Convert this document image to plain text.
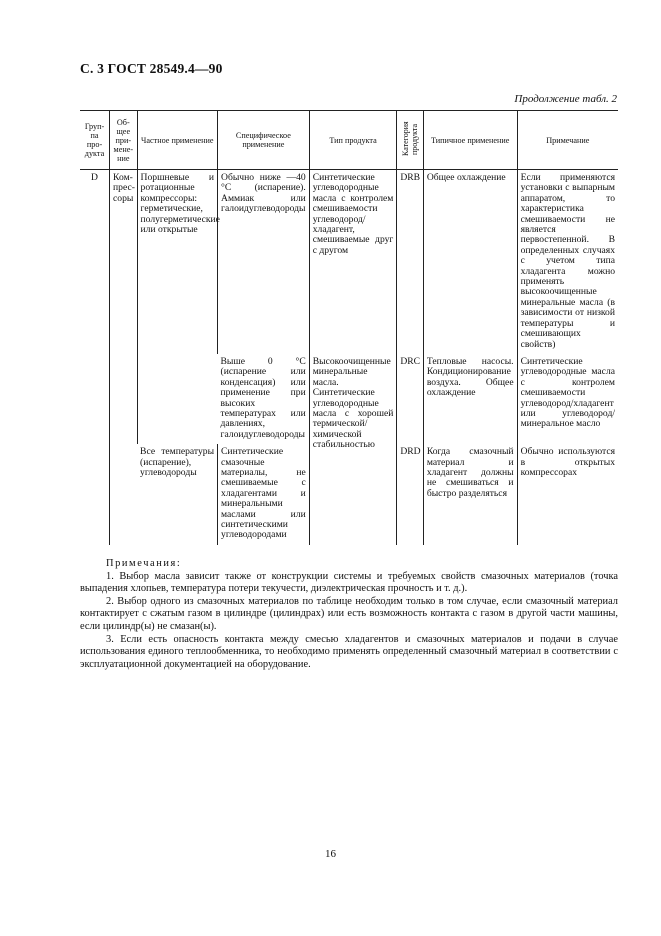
С. 3 ГОСТ 28549.4—90
Продолжение табл. 2
Груп-па про-дукта	Об-щее при-мене-ние	Частное применение	Специфическое применение	Тип продукта	Категория продукта	Типичное применение	Примечание
D	Ком-прес-соры	Поршневые и ротационные компрессоры: герметические, полугерметические или открытые	Обычно ниже —40 °С (испарение). Аммиак или галоидуглеводороды	Синтетические углеводородные масла с контролем смешиваемости углеводород/хладагент, смешиваемые друг с другом	DRB	Общее охлаждение	Если применяются установки с выпарным аппаратом, то характеристика смешиваемости не является первостепенной. В определенных случаях с учетом типа хладагента можно применять высокоочищенные минеральные масла (в зависимости от низкой температуры и смешивающих свойств)
			Выше 0 °С (испарение или конденсация) или применение при высоких температурах или давлениях, галоидуглеводороды	Высокоочищенные минеральные масла. Синтетические углеводородные масла с хорошей термической/химической стабильностью	DRC	Тепловые насосы. Кондиционирование воздуха. Общее охлаждение	Синтетические углеводородные масла с контролем смешиваемости углеводород/хладагент или углеводород/минеральное масло
		Все температуры (испарение), углеводороды	Синтетические смазочные материалы, не смешиваемые с хладагентами и минеральными маслами или синтетическими углеводородами		DRD	Когда смазочный материал и хладагент должны не смешиваться и быстро разделяться	Обычно используются в открытых компрессорах
Примечания:

1. Выбор масла зависит также от конструкции системы и требуемых свойств смазочных материалов (точка выпадения хлопьев, температура потери текучести, диэлектрическая прочность и т. д.).

2. Выбор одного из смазочных материалов по таблице необходим только в том случае, если смазочный материал контактирует с сжатым газом в цилиндре (цилиндрах) или есть возможность контакта с газом в другой части машины, если цилиндр(ы) не смазан(ы).

3. Если есть опасность контакта между смесью хладагентов и смазочных материалов и подачи в случае использования единого теплообменника, то необходимо применять определенный смазочный материал в соответствии с эксплуатационной документацией на оборудование.

16
